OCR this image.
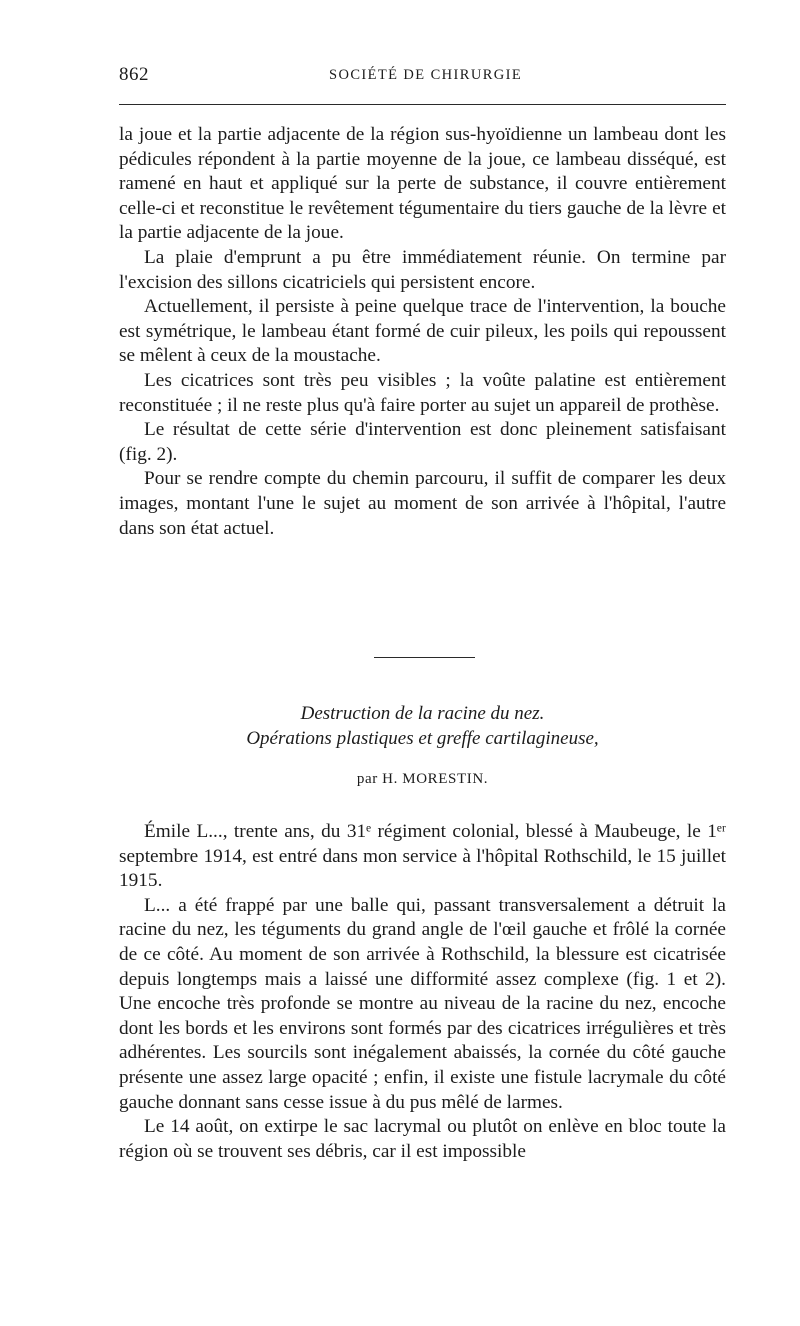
862	SOCIÉTÉ DE CHIRURGIE

la joue et la partie adjacente de la région sus-hyoïdienne un lambeau dont les pédicules répondent à la partie moyenne de la joue, ce lambeau disséqué, est ramené en haut et appliqué sur la perte de substance, il couvre entièrement celle-ci et reconstitue le revêtement tégumentaire du tiers gauche de la lèvre et la partie adjacente de la joue.

La plaie d'emprunt a pu être immédiatement réunie. On termine par l'excision des sillons cicatriciels qui persistent encore.

Actuellement, il persiste à peine quelque trace de l'intervention, la bouche est symétrique, le lambeau étant formé de cuir pileux, les poils qui repoussent se mêlent à ceux de la moustache.

Les cicatrices sont très peu visibles ; la voûte palatine est entièrement reconstituée ; il ne reste plus qu'à faire porter au sujet un appareil de prothèse.

Le résultat de cette série d'intervention est donc pleinement satisfaisant (fig. 2).

Pour se rendre compte du chemin parcouru, il suffit de comparer les deux images, montant l'une le sujet au moment de son arrivée à l'hôpital, l'autre dans son état actuel.

Destruction de la racine du nez.

Opérations plastiques et greffe cartilagineuse,

par H. MORESTIN.

Émile L..., trente ans, du 31ᵉ régiment colonial, blessé à Maubeuge, le 1ᵉʳ septembre 1914, est entré dans mon service à l'hôpital Rothschild, le 15 juillet 1915.

L... a été frappé par une balle qui, passant transversalement a détruit la racine du nez, les téguments du grand angle de l'œil gauche et frôlé la cornée de ce côté. Au moment de son arrivée à Rothschild, la blessure est cicatrisée depuis longtemps mais a laissé une difformité assez complexe (fig. 1 et 2). Une encoche très profonde se montre au niveau de la racine du nez, encoche dont les bords et les environs sont formés par des cicatrices irrégulières et très adhérentes. Les sourcils sont inégalement abaissés, la cornée du côté gauche présente une assez large opacité ; enfin, il existe une fistule lacrymale du côté gauche donnant sans cesse issue à du pus mêlé de larmes.

Le 14 août, on extirpe le sac lacrymal ou plutôt on enlève en bloc toute la région où se trouvent ses débris, car il est impossible
